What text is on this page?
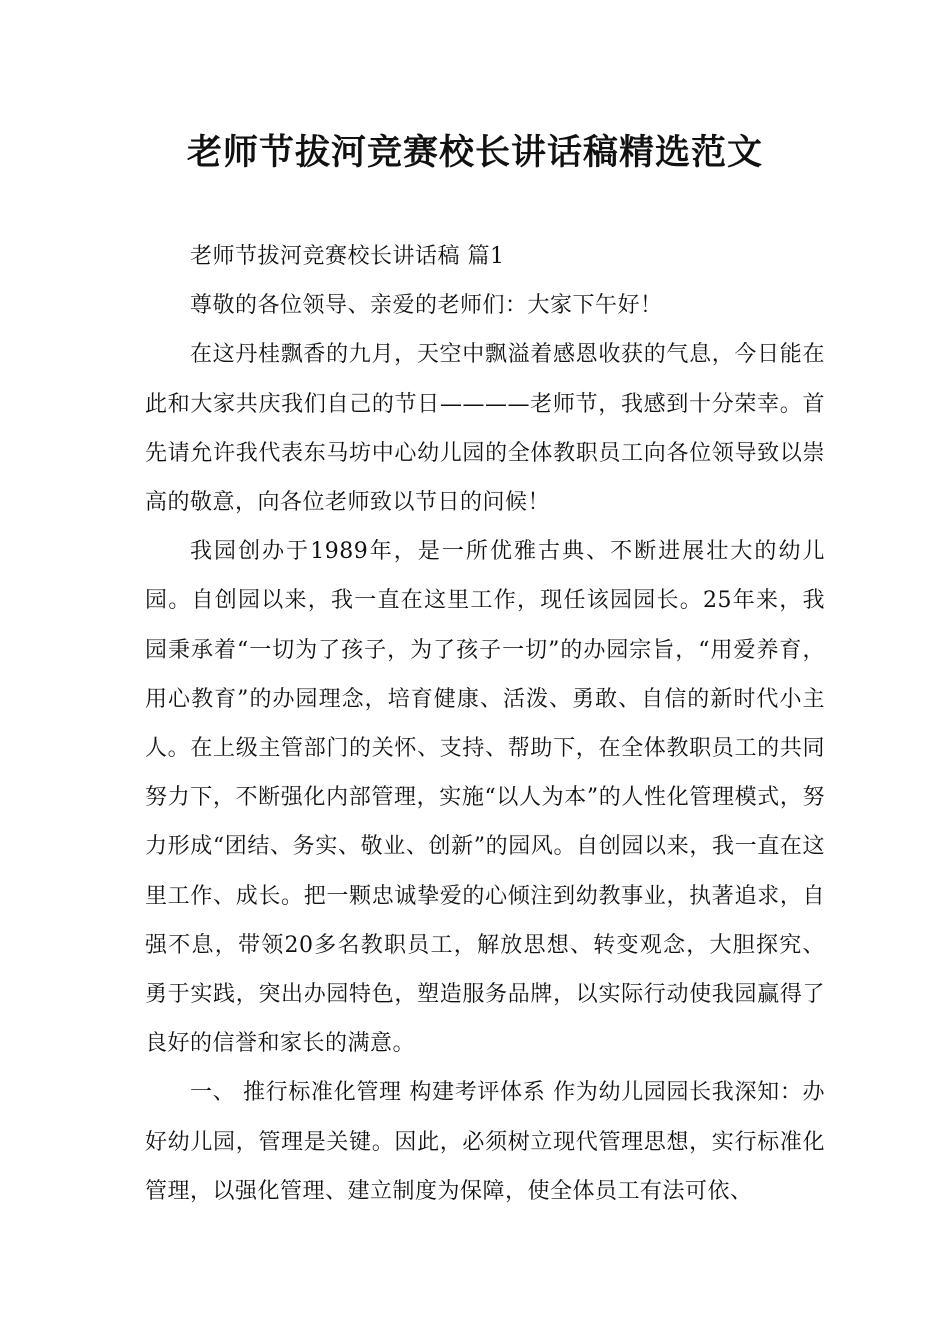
老师节拔河竞赛校长讲话稿精选范文

老师节拔河竞赛校长讲话稿 篇1

尊敬的各位领导、亲爱的老师们：大家下午好！

在这丹桂飘香的九月，天空中飘溢着感恩收获的气息，今日能在此和大家共庆我们自己的节日————老师节，我感到十分荣幸。首先请允许我代表东马坊中心幼儿园的全体教职员工向各位领导致以崇高的敬意，向各位老师致以节日的问候！

我园创办于1989年，是一所优雅古典、不断进展壮大的幼儿园。自创园以来，我一直在这里工作，现任该园园长。25年来，我园秉承着“一切为了孩子，为了孩子一切”的办园宗旨，“用爱养育，用心教育”的办园理念，培育健康、活泼、勇敢、自信的新时代小主人。在上级主管部门的关怀、支持、帮助下，在全体教职员工的共同努力下，不断强化内部管理，实施“以人为本”的人性化管理模式，努力形成“团结、务实、敬业、创新”的园风。自创园以来，我一直在这里工作、成长。把一颗忠诚挚爱的心倾注到幼教事业，执著追求，自强不息，带领20多名教职员工，解放思想、转变观念，大胆探究、勇于实践，突出办园特色，塑造服务品牌，以实际行动使我园赢得了良好的信誉和家长的满意。

一、 推行标准化管理 构建考评体系 作为幼儿园园长我深知：办好幼儿园，管理是关键。因此，必须树立现代管理思想，实行标准化管理，以强化管理、建立制度为保障，使全体员工有法可依、
